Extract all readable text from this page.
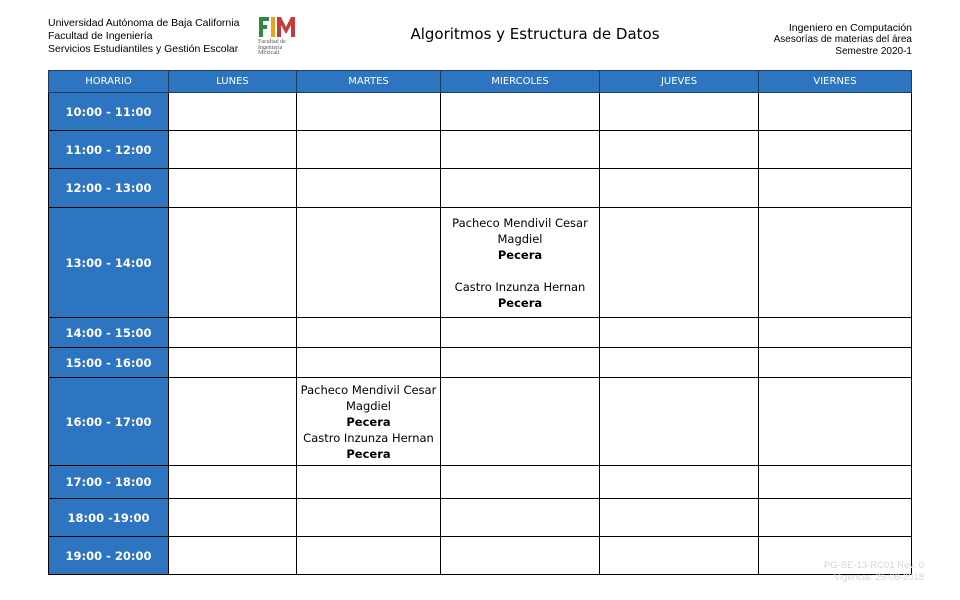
Universidad Autónoma de Baja California
Facultad de Ingeniería
Servicios Estudiantiles y Gestión Escolar
Facultad de
Ingeniería
Mexicali
Algoritmos y Estructura de Datos	Ingeniero en Computación
Asesorías de materias del área
Semestre 2020-1
HORARIO	LUNES	MARTES	MIERCOLES	JUEVES	VIERNES
10:00 - 11:00					
11:00 - 12:00					
12:00 - 13:00					
13:00 - 14:00			Pacheco Mendivil Cesar Magdiel
Pecera
Castro Inzunza Hernan
Pecera		

14:00 - 15:00					
15:00 - 16:00					
16:00 - 17:00		Pacheco Mendivil Cesar Magdiel
Pecera
Castro Inzunza Hernan
Pecera			

17:00 - 18:00					
18:00 -19:00					
19:00 - 20:00					
PG-SE-13-RC01 Rev. 0
Vigencia: 25-06-2018
